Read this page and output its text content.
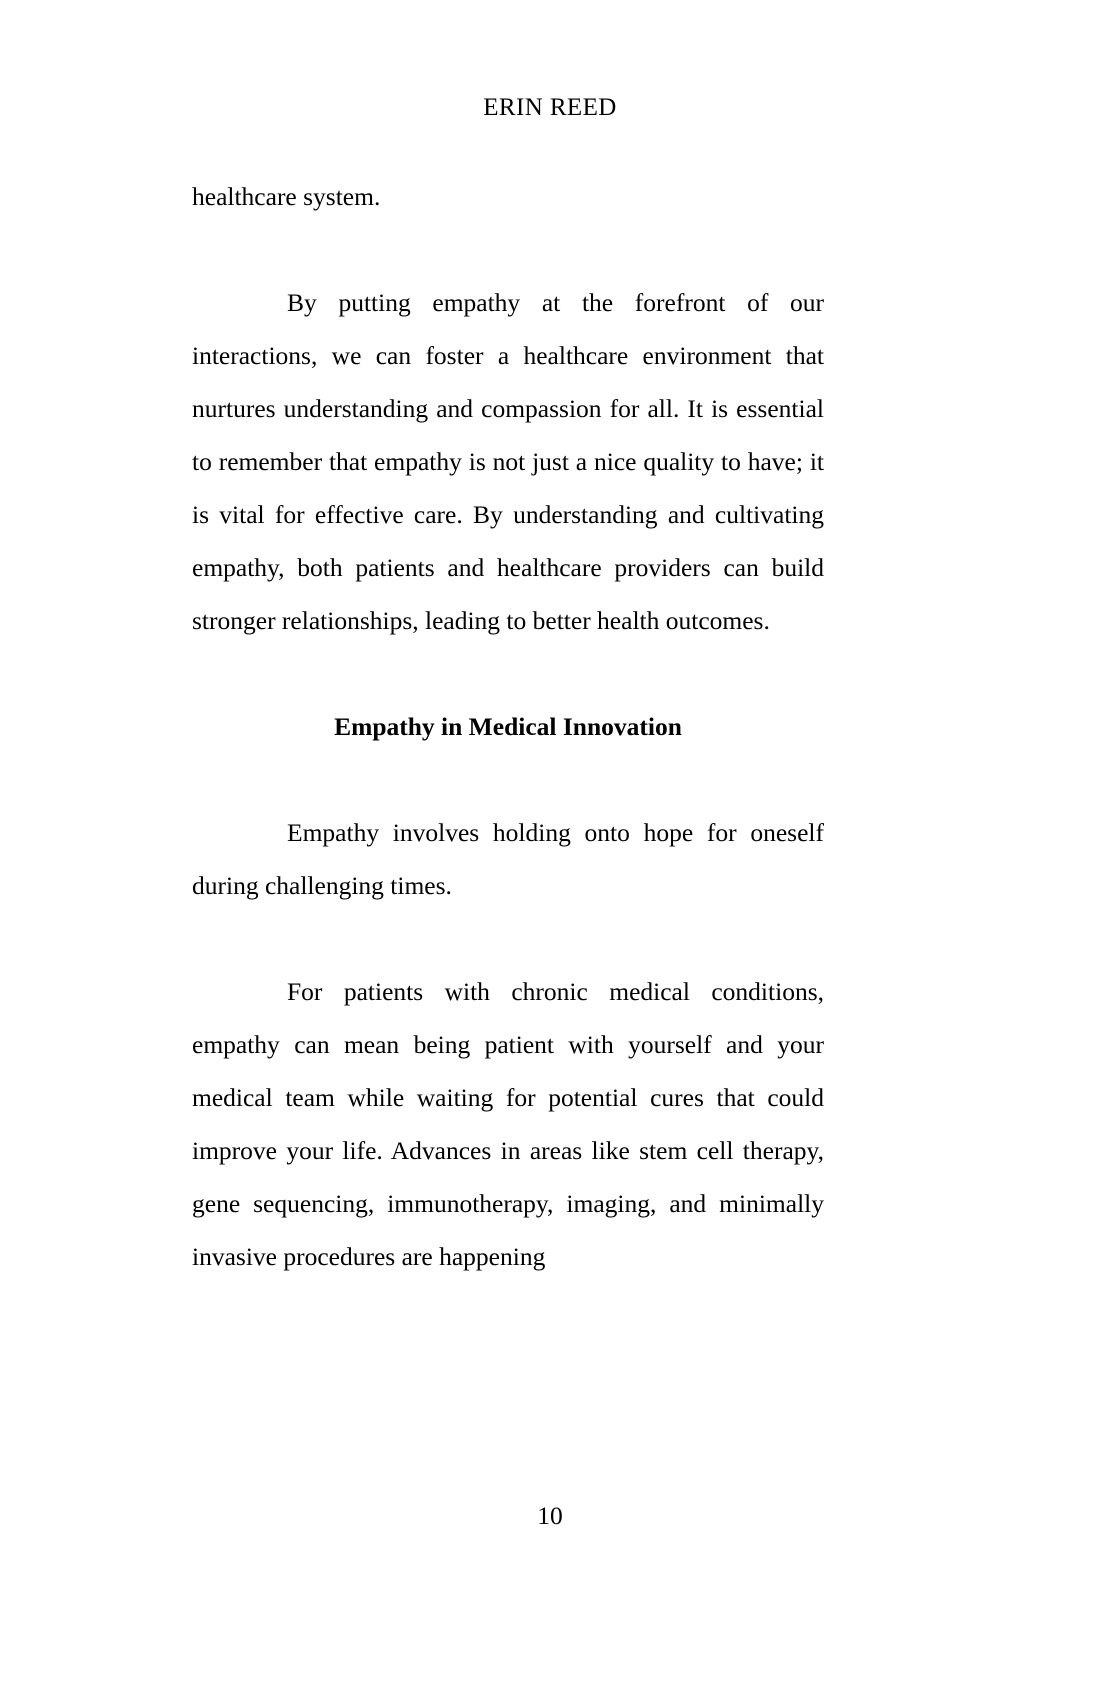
ERIN REED

healthcare system.

By putting empathy at the forefront of our interactions, we can foster a healthcare environment that nurtures understanding and compassion for all. It is essential to remember that empathy is not just a nice quality to have; it is vital for effective care. By understanding and cultivating empathy, both patients and healthcare providers can build stronger relationships, leading to better health outcomes.

Empathy in Medical Innovation

Empathy involves holding onto hope for oneself during challenging times.

For patients with chronic medical conditions, empathy can mean being patient with yourself and your medical team while waiting for potential cures that could improve your life. Advances in areas like stem cell therapy, gene sequencing, immunotherapy, imaging, and minimally invasive procedures are happening

10
